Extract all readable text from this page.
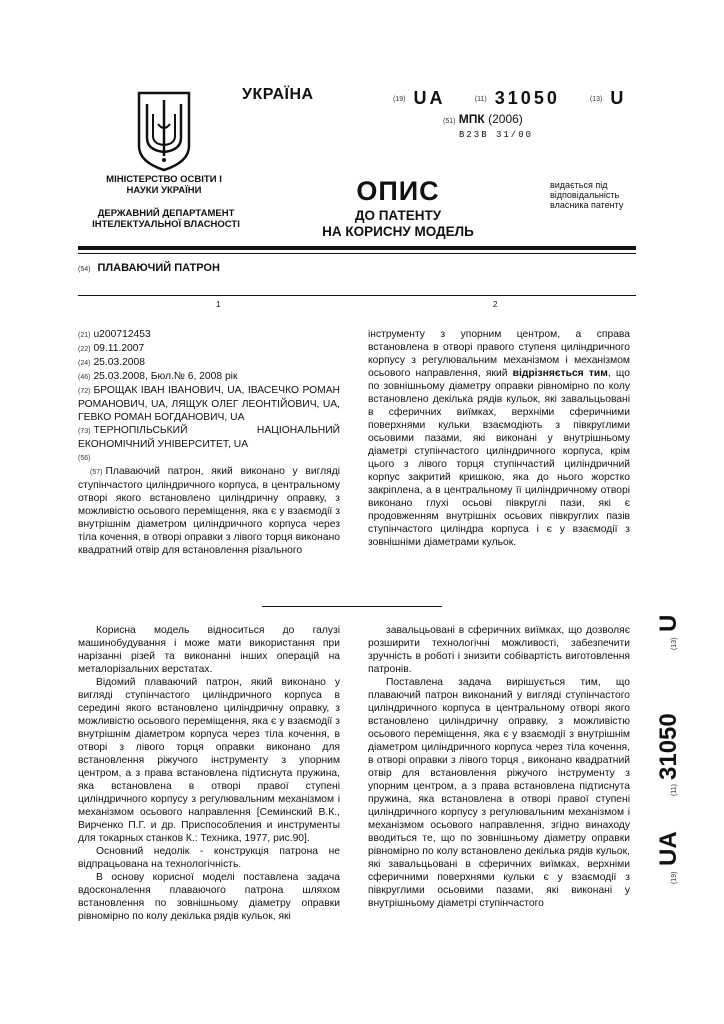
УКРАЇНА	(19) UA	(11) 31050	(13) U
(51) МПК (2006)
B23B 31/00
МІНІСТЕРСТВО ОСВІТИ І НАУКИ УКРАЇНИ
ДЕРЖАВНИЙ ДЕПАРТАМЕНТ ІНТЕЛЕКТУАЛЬНОЇ ВЛАСНОСТІ
ОПИС
ДО ПАТЕНТУ
НА КОРИСНУ МОДЕЛЬ
видається під відповідальність власника патенту
(54) ПЛАВАЮЧИЙ ПАТРОН
1	2
(21) u200712453
(22) 09.11.2007
(24) 25.03.2008
(46) 25.03.2008, Бюл.№ 6, 2008 рік
(72) БРОЩАК ІВАН ІВАНОВИЧ, UA, ІВАСЕЧКО РОМАН РОМАНОВИЧ, UA, ЛЯЩУК ОЛЕГ ЛЕОНТІЙОВИЧ, UA, ГЕВКО РОМАН БОГДАНОВИЧ, UA
(73) ТЕРНОПІЛЬСЬКИЙ НАЦІОНАЛЬНИЙ ЕКОНОМІЧНИЙ УНІВЕРСИТЕТ, UA
(56)
(57) Плаваючий патрон, який виконано у вигляді ступінчастого циліндричного корпуса, в центральному отворі якого встановлено циліндричну оправку, з можливістю осьового переміщення, яка є у взаємодії з внутрішнім діаметром циліндричного корпуса через тіла кочення, в отворі оправки з лівого торця виконано квадратний отвір для встановлення різального
інструменту з упорним центром, а справа встановлена в отворі правого ступеня циліндричного корпусу з регулювальним механізмом і механізмом осьового направлення, який відрізняється тим, що по зовнішньому діаметру оправки рівномірно по колу встановлено декілька рядів кульок, які завальцьовані в сферичних виїмках, верхніми сферичними поверхнями кульки взаємодіють з півкруглими осьовими пазами, які виконані у внутрішньому діаметрі ступінчастого циліндричного корпуса, крім цього з лівого торця ступінчастий циліндричний корпус закритий кришкою, яка до нього жорстко закріплена, а в центральному її циліндричному отворі виконано глухі осьові півкруглі пази, які є продовженням внутрішніх осьових півкруглих пазів ступінчастого циліндра корпуса і є у взаємодії з зовнішніми діаметрами кульок.

Корисна модель відноситься до галузі машинобудування і може мати використання при нарізанні різей та виконанні інших операцій на металорізальних верстатах.

Відомий плаваючий патрон, який виконано у вигляді ступінчастого циліндричного корпуса в середині якого встановлено циліндричну оправку, з можливістю осьового переміщення, яка є у взаємодії з внутрішнім діаметром корпуса через тіла кочення, в отворі з лівого торця оправки виконано для встановлення ріжучого інструменту з упорним центром, а з права встановлена підтиснута пружина, яка встановлена в отворі правої ступені циліндричного корпусу з регулювальним механізмом і механізмом осьового направлення [Семинский В.К., Вирченко П.Г. и др. Приспособления и инструменты для токарных станков К.: Техника, 1977, рис.90].

Основний недолік - конструкція патрона не відпрацьована на технологічність.

В основу корисної моделі поставлена задача вдосконалення плаваючого патрона шляхом встановлення по зовнішньому діаметру оправки рівномірно по колу декілька рядів кульок, які

завальцьовані в сферичних виїмках, що дозволяє розширити технологічні можливості, забезпечити зручність в роботі і знизити собівартість виготовлення патронів.

Поставлена задача вирішується тим, що плаваючий патрон виконаний у вигляді ступінчастого циліндричного корпуса в центральному отворі якого встановлено циліндричну оправку, з можливістю осьового переміщення, яка є у взаємодії з внутрішнім діаметром циліндричного корпуса через тіла кочення, в отворі оправки з лівого торця , виконано квадратний отвір для встановлення ріжучого інструменту з упорним центром, а з права встановлена підтиснута пружина, яка встановлена в отворі правої ступені циліндричного корпусу з регулювальним механізмом і механізмом осьового направлення, згідно винаходу вводиться те, що по зовнішньому діаметру оправки рівномірно по колу встановлено декілька рядів кульок, які завальцьовані в сферичних виїмках, верхніми сферичними поверхнями кульки є у взаємодії з півкруглими осьовими пазами, які виконані у внутрішньому діаметрі ступінчастого

(19)
UA
(11)
31050
(13)
U
